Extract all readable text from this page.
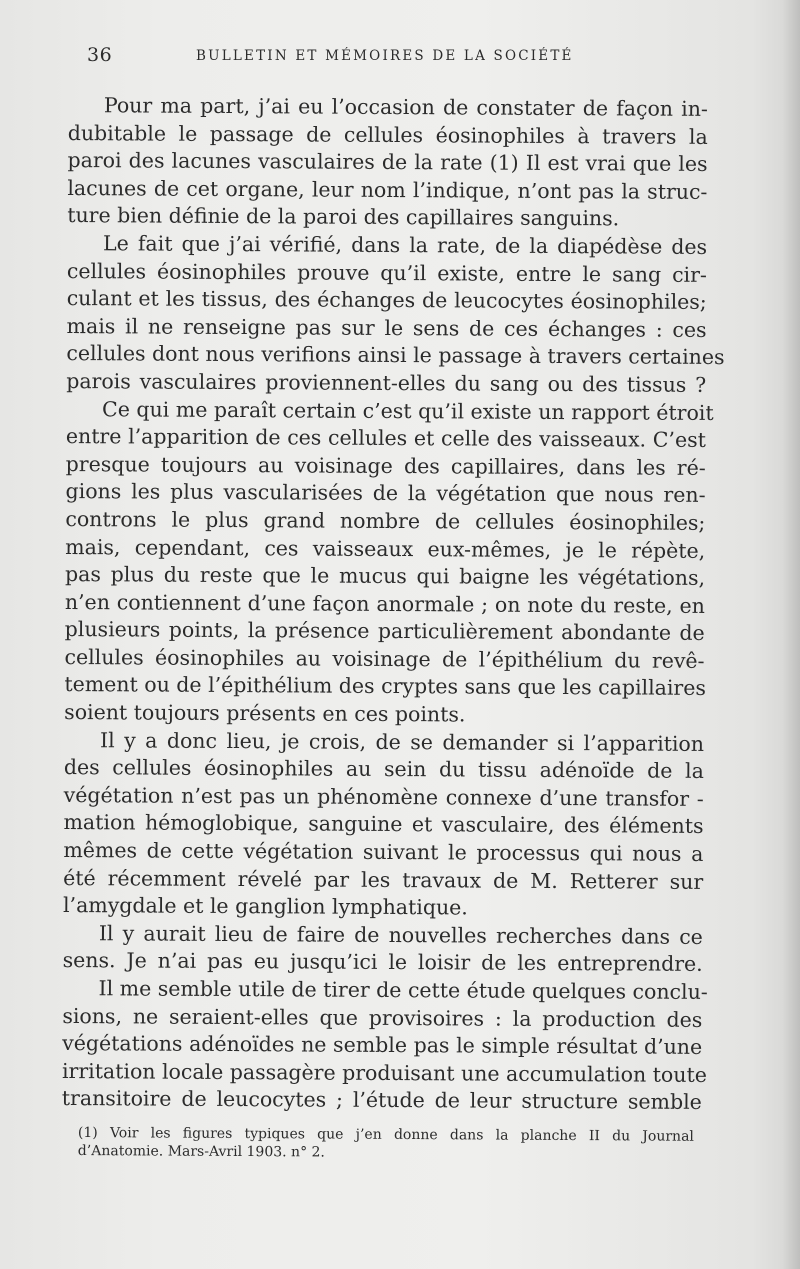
36	BULLETIN ET MÉMOIRES DE LA SOCIÉTÉ
Pour ma part, j’ai eu l’occasion de constater de façon in-
dubitable le passage de cellules éosinophiles à travers la
paroi des lacunes vasculaires de la rate (1) Il est vrai que les
lacunes de cet organe, leur nom l’indique, n’ont pas la struc-
ture bien définie de la paroi des capillaires sanguins.
Le fait que j’ai vérifié, dans la rate, de la diapédèse des
cellules éosinophiles prouve qu’il existe, entre le sang cir-
culant et les tissus, des échanges de leucocytes éosinophiles;
mais il ne renseigne pas sur le sens de ces échanges : ces
cellules dont nous verifions ainsi le passage à travers certaines
parois vasculaires proviennent-elles du sang ou des tissus ?
Ce qui me paraît certain c’est qu’il existe un rapport étroit
entre l’apparition de ces cellules et celle des vaisseaux. C’est
presque toujours au voisinage des capillaires, dans les ré-
gions les plus vascularisées de la végétation que nous ren-
controns le plus grand nombre de cellules éosinophiles;
mais, cependant, ces vaisseaux eux-mêmes, je le répète,
pas plus du reste que le mucus qui baigne les végétations,
n’en contiennent d’une façon anormale ; on note du reste, en
plusieurs points, la présence particulièrement abondante de
cellules éosinophiles au voisinage de l’épithélium du revê-
tement ou de l’épithélium des cryptes sans que les capillaires
soient toujours présents en ces points.
Il y a donc lieu, je crois, de se demander si l’apparition
des cellules éosinophiles au sein du tissu adénoïde de la
végétation n’est pas un phénomène connexe d’une transfor -
mation hémoglobique, sanguine et vasculaire, des éléments
mêmes de cette végétation suivant le processus qui nous a
été récemment révelé par les travaux de M. Retterer sur
l’amygdale et le ganglion lymphatique.
Il y aurait lieu de faire de nouvelles recherches dans ce
sens. Je n’ai pas eu jusqu’ici le loisir de les entreprendre.
Il me semble utile de tirer de cette étude quelques conclu-
sions, ne seraient-elles que provisoires : la production des
végétations adénoïdes ne semble pas le simple résultat d’une
irritation locale passagère produisant une accumulation toute
transitoire de leucocytes ; l’étude de leur structure semble
(1) Voir les figures typiques que j’en donne dans la planche II du Journal
d’Anatomie. Mars-Avril 1903. n° 2.
